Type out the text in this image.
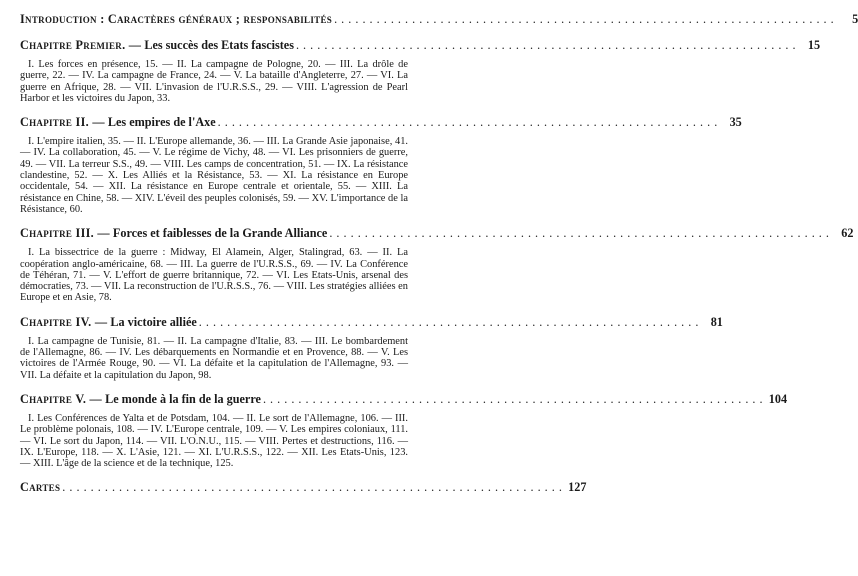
Introduction : Caractères généraux ; responsabilités . . .	5
Chapitre Premier. — Les succès des Etats fascistes . . .	15

I. Les forces en présence, 15. — II. La campagne de Pologne, 20. — III. La drôle de guerre, 22. — IV. La campagne de France, 24. — V. La bataille d'Angleterre, 27. — VI. La guerre en Afrique, 28. — VII. L'invasion de l'U.R.S.S., 29. — VIII. L'agression de Pearl Harbor et les victoires du Japon, 33.

Chapitre II. — Les empires de l'Axe . . .	35

I. L'empire italien, 35. — II. L'Europe allemande, 36. — III. La Grande Asie japonaise, 41. — IV. La collaboration, 45. — V. Le régime de Vichy, 48. — VI. Les prisonniers de guerre, 49. — VII. La terreur S.S., 49. — VIII. Les camps de concentration, 51. — IX. La résistance clandestine, 52. — X. Les Alliés et la Résistance, 53. — XI. La résistance en Europe occidentale, 54. — XII. La résistance en Europe centrale et orientale, 55. — XIII. La résistance en Chine, 58. — XIV. L'éveil des peuples colonisés, 59. — XV. L'importance de la Résistance, 60.

Chapitre III. — Forces et faiblesses de la Grande Alliance . . .	62

I. La bissectrice de la guerre : Midway, El Alamein, Alger, Stalingrad, 63. — II. La coopération anglo-américaine, 68. — III. La guerre de l'U.R.S.S., 69. — IV. La Conférence de Téhéran, 71. — V. L'effort de guerre britannique, 72. — VI. Les Etats-Unis, arsenal des démocraties, 73. — VII. La reconstruction de l'U.R.S.S., 76. — VIII. Les stratégies alliées en Europe et en Asie, 78.

Chapitre IV. — La victoire alliée . . .	81

I. La campagne de Tunisie, 81. — II. La campagne d'Italie, 83. — III. Le bombardement de l'Allemagne, 86. — IV. Les débarquements en Normandie et en Provence, 88. — V. Les victoires de l'Armée Rouge, 90. — VI. La défaite et la capitulation de l'Allemagne, 93. — VII. La défaite et la capitulation du Japon, 98.

Chapitre V. — Le monde à la fin de la guerre . . .	104

I. Les Conférences de Yalta et de Potsdam, 104. — II. Le sort de l'Allemagne, 106. — III. Le problème polonais, 108. — IV. L'Europe centrale, 109. — V. Les empires coloniaux, 111. — VI. Le sort du Japon, 114. — VII. L'O.N.U., 115. — VIII. Pertes et destructions, 116. — IX. L'Europe, 118. — X. L'Asie, 121. — XI. L'U.R.S.S., 122. — XII. Les Etats-Unis, 123. — XIII. L'âge de la science et de la technique, 125.

Cartes . . .	127
